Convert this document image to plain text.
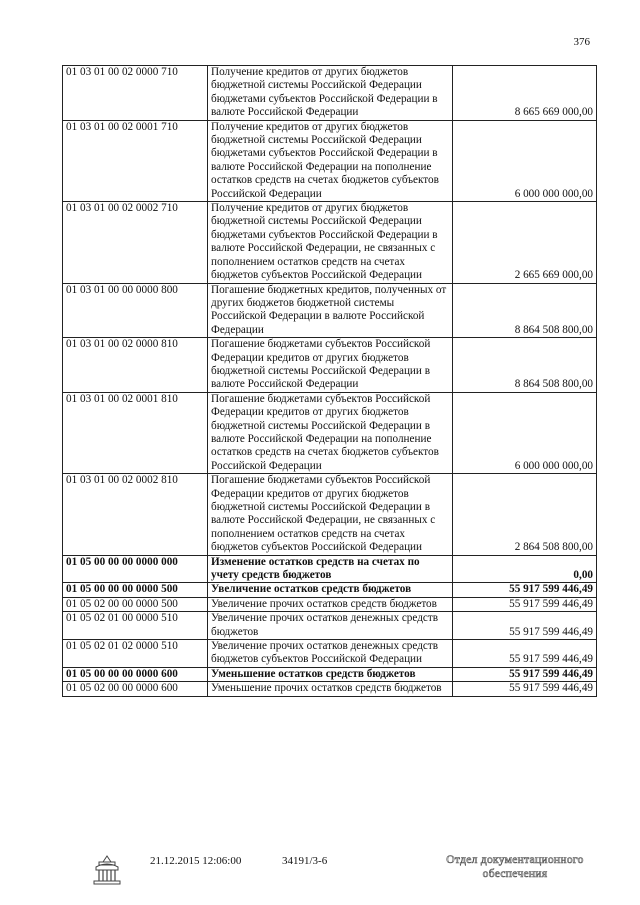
376
01 03 01 00 02 0000 710	Получение кредитов от других бюджетов бюджетной системы Российской Федерации бюджетами субъектов Российской Федерации в валюте Российской Федерации	8 665 669 000,00
01 03 01 00 02 0001 710	Получение кредитов от других бюджетов бюджетной системы Российской Федерации бюджетами субъектов Российской Федерации в валюте Российской Федерации на пополнение остатков средств на счетах бюджетов субъектов Российской Федерации	6 000 000 000,00
01 03 01 00 02 0002 710	Получение кредитов от других бюджетов бюджетной системы Российской Федерации бюджетами субъектов Российской Федерации в валюте Российской Федерации, не связанных с пополнением остатков средств на счетах бюджетов субъектов Российской Федерации	2 665 669 000,00
01 03 01 00 00 0000 800	Погашение бюджетных кредитов, полученных от других бюджетов бюджетной системы Российской Федерации в валюте Российской Федерации	8 864 508 800,00
01 03 01 00 02 0000 810	Погашение бюджетами субъектов Российской Федерации кредитов от других бюджетов бюджетной системы Российской Федерации в валюте Российской Федерации	8 864 508 800,00
01 03 01 00 02 0001 810	Погашение бюджетами субъектов Российской Федерации кредитов от других бюджетов бюджетной системы Российской Федерации в валюте Российской Федерации на пополнение остатков средств на счетах бюджетов субъектов Российской Федерации	6 000 000 000,00
01 03 01 00 02 0002 810	Погашение бюджетами субъектов Российской Федерации кредитов от других бюджетов бюджетной системы Российской Федерации в валюте Российской Федерации, не связанных с пополнением остатков средств на счетах бюджетов субъектов Российской Федерации	2 864 508 800,00
01 05 00 00 00 0000 000	Изменение остатков средств на счетах по учету средств бюджетов	0,00
01 05 00 00 00 0000 500	Увеличение остатков средств бюджетов	55 917 599 446,49
01 05 02 00 00 0000 500	Увеличение прочих остатков средств бюджетов	55 917 599 446,49
01 05 02 01 00 0000 510	Увеличение прочих остатков денежных средств бюджетов	55 917 599 446,49
01 05 02 01 02 0000 510	Увеличение прочих остатков денежных средств бюджетов субъектов Российской Федерации	55 917 599 446,49
01 05 00 00 00 0000 600	Уменьшение остатков средств бюджетов	55 917 599 446,49
01 05 02 00 00 0000 600	Уменьшение прочих остатков средств бюджетов	55 917 599 446,49
21.12.2015 12:06:00	34191/3-6	Отдел документационного
обеспечения
